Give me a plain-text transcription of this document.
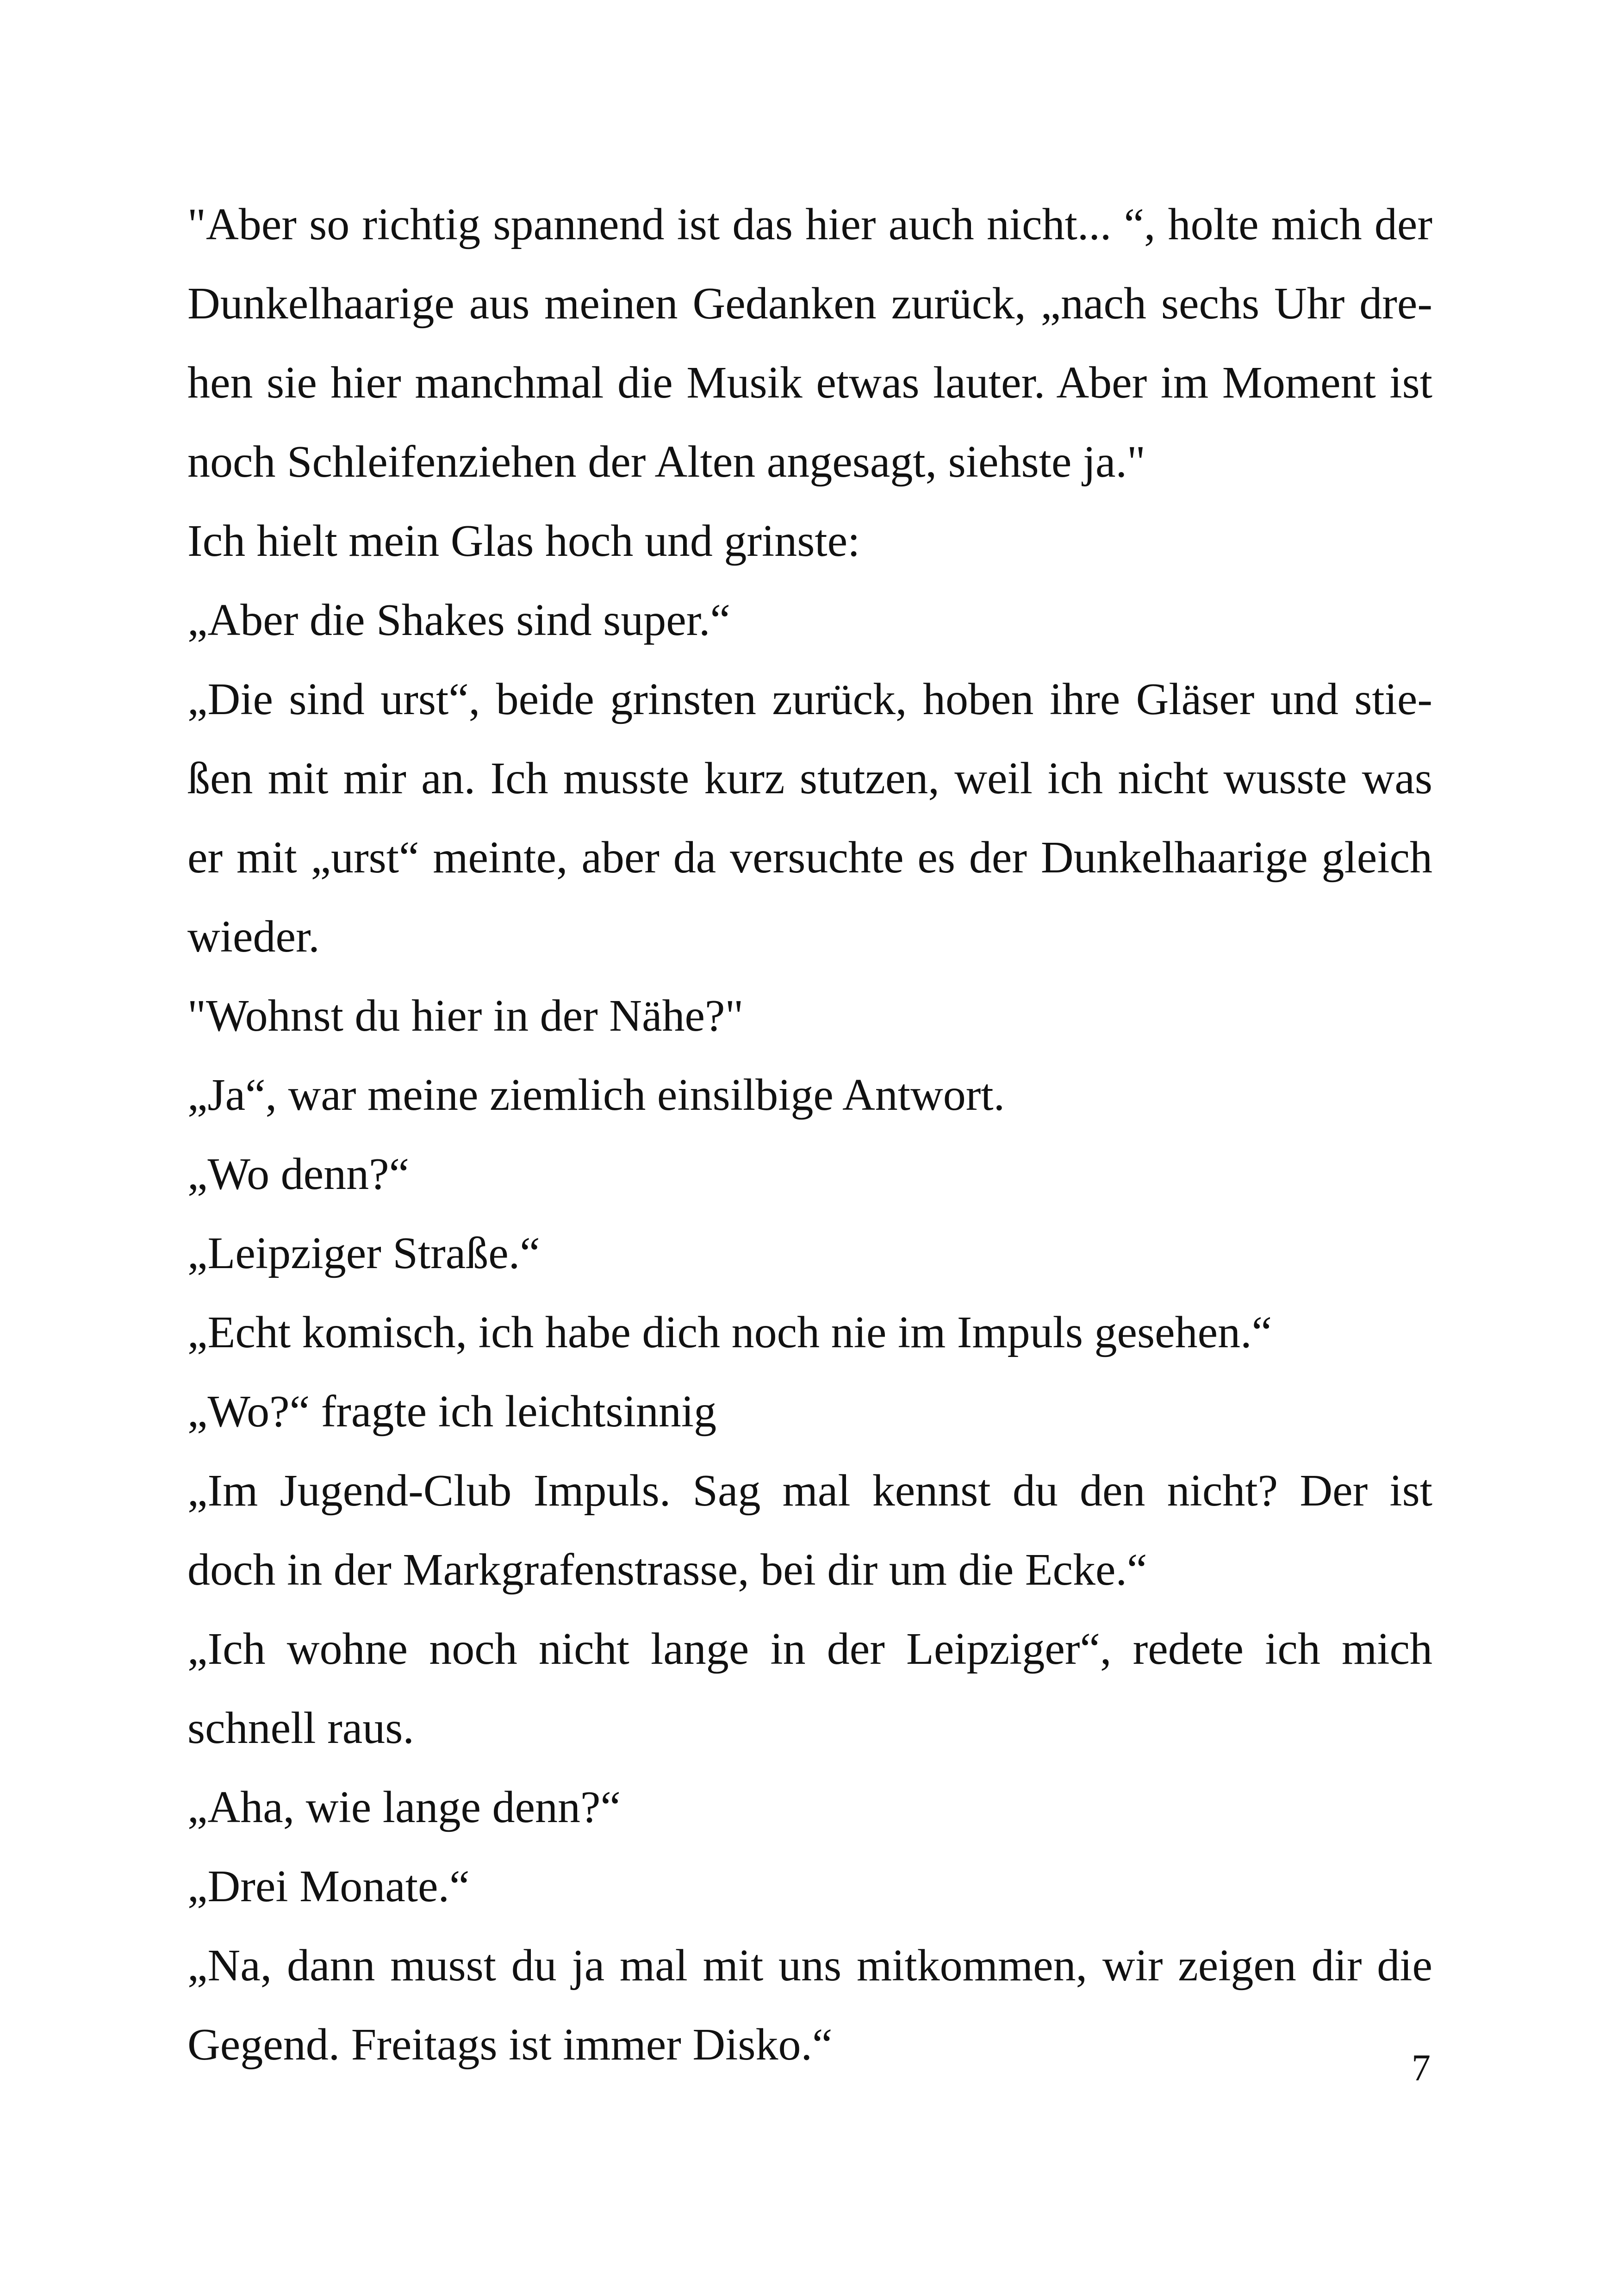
"Aber so richtig spannend ist das hier auch nicht... “, holte mich der
Dunkelhaarige aus meinen Gedanken zurück, „nach sechs Uhr dre-
hen sie hier manchmal die Musik etwas lauter. Aber im Moment ist
noch Schleifenziehen der Alten angesagt, siehste ja."
Ich hielt mein Glas hoch und grinste:
„Aber die Shakes sind super.“
„Die sind urst“, beide grinsten zurück, hoben ihre Gläser und stie-
ßen mit mir an. Ich musste kurz stutzen, weil ich nicht wusste was
er mit „urst“ meinte, aber da versuchte es der Dunkelhaarige gleich
wieder.
"Wohnst du hier in der Nähe?"
„Ja“, war meine ziemlich einsilbige Antwort.
„Wo denn?“
„Leipziger Straße.“
„Echt komisch, ich habe dich noch nie im Impuls gesehen.“
„Wo?“ fragte ich leichtsinnig
„Im Jugend-Club Impuls. Sag mal kennst du den nicht? Der ist
doch in der Markgrafenstrasse, bei dir um die Ecke.“
„Ich wohne noch nicht lange in der Leipziger“, redete ich mich
schnell raus.
„Aha, wie lange denn?“
„Drei Monate.“
„Na, dann musst du ja mal mit uns mitkommen, wir zeigen dir die
Gegend. Freitags ist immer Disko.“	7
